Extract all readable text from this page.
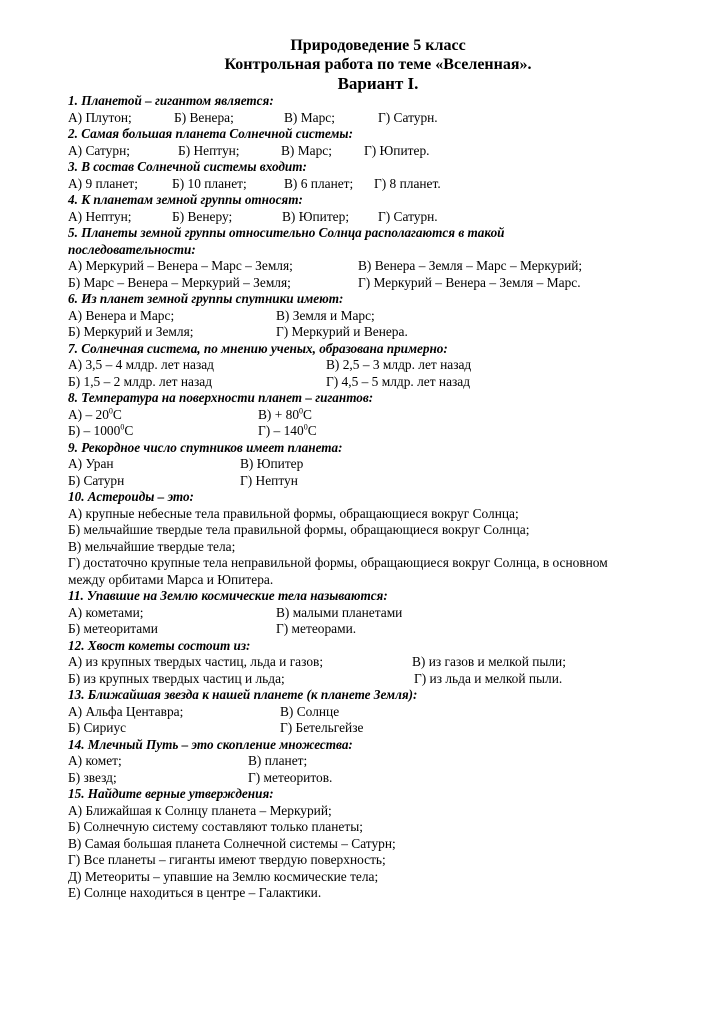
Природоведение 5 класс
Контрольная работа по теме «Вселенная».
Вариант I.
1. Планетой – гигантом является:
А) Плутон;	Б) Венера;	В) Марс;	Г) Сатурн.
2. Самая большая планета Солнечной системы:
А) Сатурн;	Б) Нептун;	В) Марс; Г) Юпитер.
3. В состав Солнечной системы входит:
А) 9 планет;	Б) 10 планет;	В) 6 планет; Г) 8 планет.
4. К планетам земной группы относят:
А) Нептун;	Б) Венеру;	В) Юпитер; Г) Сатурн.
5. Планеты земной группы относительно Солнца располагаются в такой
последовательности:
А) Меркурий – Венера – Марс – Земля;	В) Венера – Земля – Марс – Меркурий;
Б) Марс – Венера – Меркурий – Земля;	Г) Меркурий – Венера – Земля – Марс.
6. Из планет земной группы спутники имеют:
А) Венера и Марс;	В) Земля и Марс;
Б) Меркурий и Земля;	Г) Меркурий и Венера.
7. Солнечная система, по мнению ученых, образована примерно:
А) 3,5 – 4 млдр. лет назад	В) 2,5 – 3 млдр. лет назад
Б) 1,5 – 2 млдр. лет назад	Г) 4,5 – 5 млдр. лет назад
8. Температура на поверхности планет – гигантов:
$А) - 20^0С$	$В) + 80^0С$
Б) – 1000$^0$С	$Г) - 140^0С$
9. Рекордное число спутников имеет планета:
А) Уран	В) Юпитер
Б) Сатурн	Г) Нептун
10. Астероиды – это:
А) крупные небесные тела правильной формы, обращающиеся вокруг Солнца;
Б) мельчайшие твердые тела правильной формы, обращающиеся вокруг Солнца;
В) мельчайшие твердые тела;
Г) достаточно крупные тела неправильной формы, обращающиеся вокруг Солнца, в основном
между орбитами Марса и Юпитера.
11. Упавшие на Землю космические тела называются:
А) кометами;	В) малыми планетами
Б) метеоритами	Г) метеорами.
12. Хвост кометы состоит из:
А) из крупных твердых частиц, льда и газов;	В) из газов и мелкой пыли;
Б) из крупных твердых частиц и льда;	Г) из льда и мелкой пыли.
13. Ближайшая звезда к нашей планете (к планете Земля):
А) Альфа Центавра;	В) Солнце
Б) Сириус	Г) Бетельгейзе
14. Млечный Путь – это скопление множества:
А) комет;	В) планет;
Б) звезд;	Г) метеоритов.
15. Найдите верные утверждения:
А) Ближайшая к Солнцу планета – Меркурий;
Б) Солнечную систему составляют только планеты;
В) Самая большая планета Солнечной системы – Сатурн;
Г) Все планеты – гиганты имеют твердую поверхность;
Д) Метеориты – упавшие на Землю космические тела;
Е) Солнце находиться в центре – Галактики.
